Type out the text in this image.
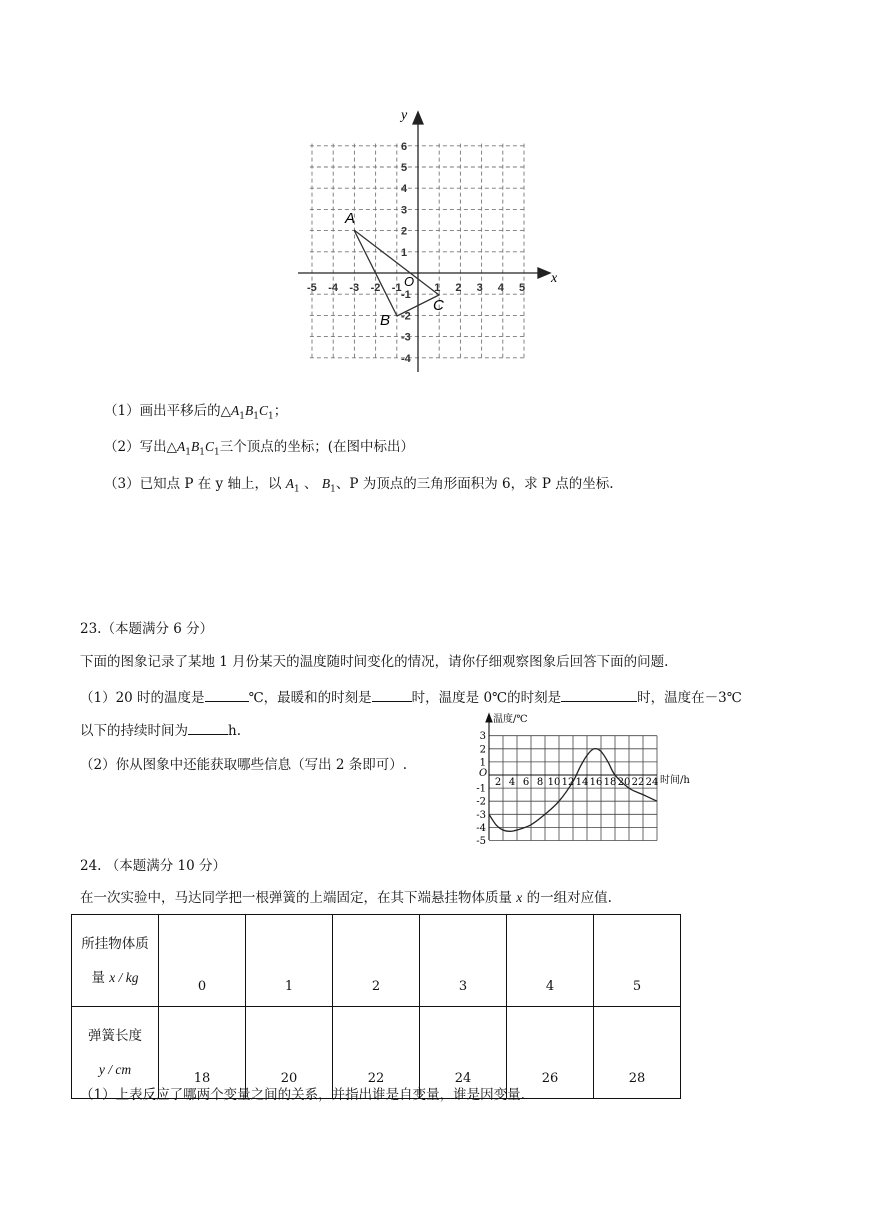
x
y
O
-5 -4 -3 -2 -1	1 2 3 4 5
6
5
4
3
2
1
-1
-2
-3
-4
A
B
C
（1）画出平移后的$\triangle A_1B_1C_1$；
（2）写出$\triangle A_1B_1C_1$三个顶点的坐标；(在图中标出）
（3）已知点 P 在 y 轴上，以 $A_1$ 、 $B_1$、P 为顶点的三角形面积为 6，求 P 点的坐标.
23.（本题满分 6 分）
下面的图象记录了某地 1 月份某天的温度随时间变化的情况，请你仔细观察图象后回答下面的问题.
（1）20 时的温度是	℃，最暖和的时刻是	时，温度是 0℃的时刻是	时，温度在－3℃
以下的持续时间为	h.
（2）你从图象中还能获取哪些信息（写出 2 条即可）.
温度/℃
时间/h
O
2 4 6 8 10 12 14 16 18 20 22 24
3
2
1
-1
-2
-3
-4
-5
24. （本题满分 10 分）
在一次实验中，马达同学把一根弹簧的上端固定，在其下端悬挂物体质量 x 的一组对应值.
所挂物体质
量 x / kg	0	1	2	3	4	5

弹簧长度
y / cm	18	20	22	24	26	28
（1）上表反应了哪两个变量之间的关系，并指出谁是自变量，谁是因变量.
